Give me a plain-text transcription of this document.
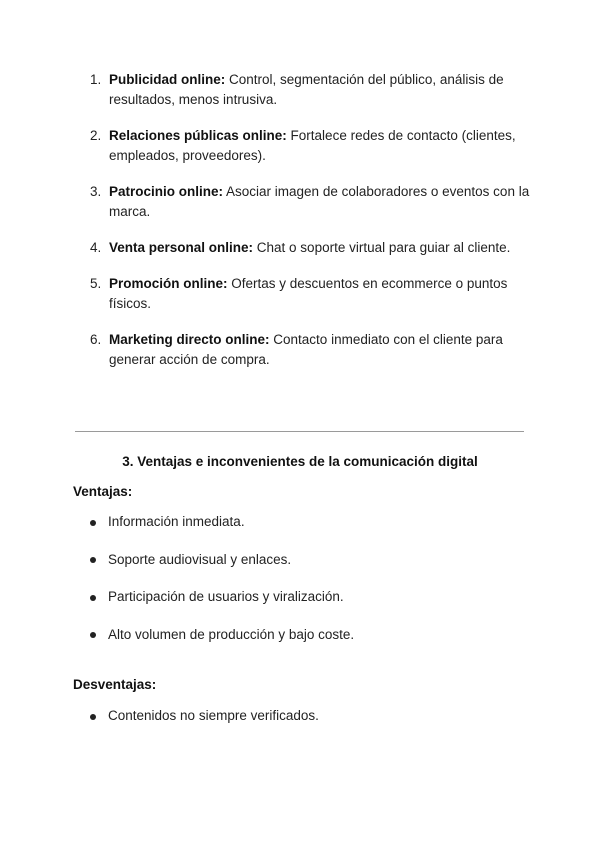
1. Publicidad online: Control, segmentación del público, análisis de resultados, menos intrusiva.
2. Relaciones públicas online: Fortalece redes de contacto (clientes, empleados, proveedores).
3. Patrocinio online: Asociar imagen de colaboradores o eventos con la marca.
4. Venta personal online: Chat o soporte virtual para guiar al cliente.
5. Promoción online: Ofertas y descuentos en ecommerce o puntos físicos.
6. Marketing directo online: Contacto inmediato con el cliente para generar acción de compra.
3. Ventajas e inconvenientes de la comunicación digital
Ventajas:
Información inmediata.
Soporte audiovisual y enlaces.
Participación de usuarios y viralización.
Alto volumen de producción y bajo coste.
Desventajas:
Contenidos no siempre verificados.
